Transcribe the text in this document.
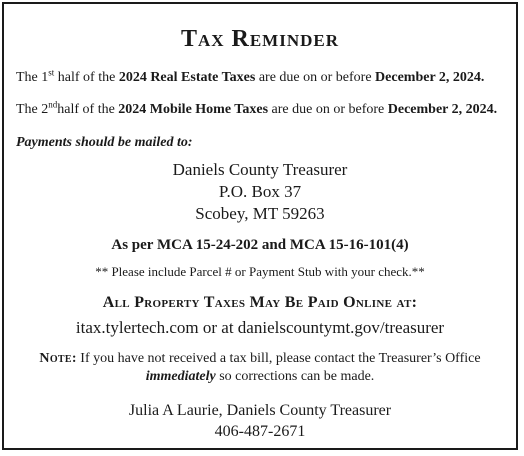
Tax Reminder
The 1st half of the 2024 Real Estate Taxes are due on or before December 2, 2024.
The 2ndhalf of the 2024 Mobile Home Taxes are due on or before December 2, 2024.
Payments should be mailed to:
Daniels County Treasurer
P.O. Box 37
Scobey, MT 59263
As per MCA 15-24-202 and MCA 15-16-101(4)
** Please include Parcel # or Payment Stub with your check.**
All Property Taxes May Be Paid Online at:
itax.tylertech.com or at danielscountymt.gov/treasurer
Note: If you have not received a tax bill, please contact the Treasurer’s Office
immediately so corrections can be made.
Julia A Laurie, Daniels County Treasurer
406-487-2671
